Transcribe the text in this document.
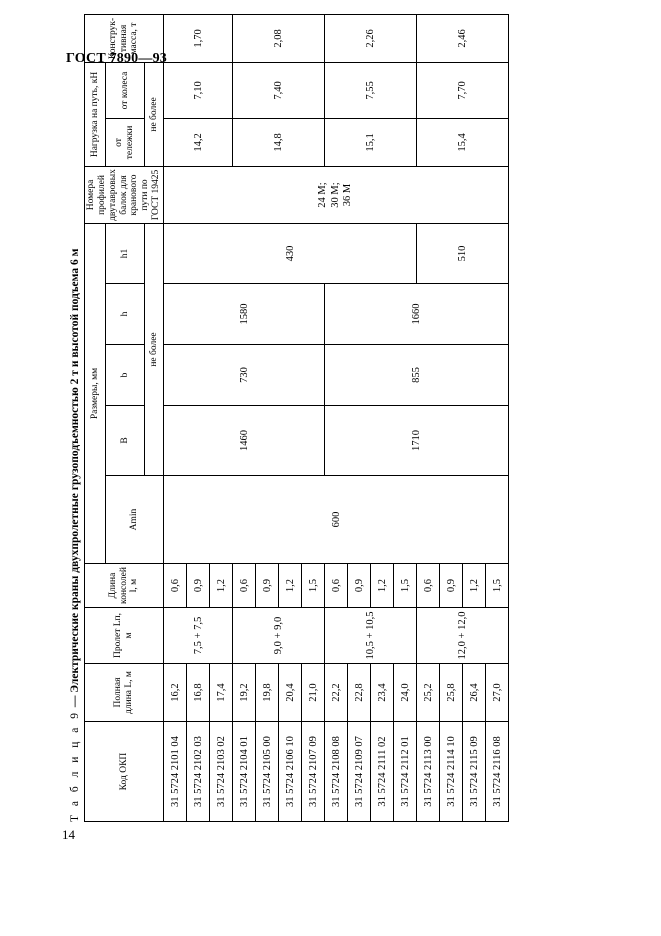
ГОСТ 7890—93
14
Т а б л и ц а 9 — Электрические краны двухпролетные грузоподъемностью 2 т и высотой подъема 6 м
Код ОКП	Полная длина L, м	Пролет Lп, м	Длина консолей l, м	Размеры, мм					Номера профилей двутавровых балок для кранового пути по ГОСТ 19425	Нагрузка на путь, кН		Конструк-тивная масса, т
				Amin	B	b	h	h1		от тележки	от колеса	
					не более					не более		
31 5724 2101 04	16,2	7,5 + 7,5	0,6	600	1460	730	1580	430	24 М; 30 М; 36 М	14,2	7,10	1,70
31 5724 2102 03	16,8		0,9									
31 5724 2103 02	17,4		1,2									
31 5724 2104 01	19,2	9,0 + 9,0	0,6							14,8	7,40	2,08
31 5724 2105 00	19,8		0,9									
31 5724 2106 10	20,4		1,2									
31 5724 2107 09	21,0		1,5									
31 5724 2108 08	22,2	10,5 + 10,5	0,6		1710	855	1660			15,1	7,55	2,26
31 5724 2109 07	22,8		0,9									
31 5724 2111 02	23,4		1,2									
31 5724 2112 01	24,0		1,5									
31 5724 2113 00	25,2	12,0 + 12,0	0,6					510		15,4	7,70	2,46
31 5724 2114 10	25,8		0,9									
31 5724 2115 09	26,4		1,2									
31 5724 2116 08	27,0		1,5									
